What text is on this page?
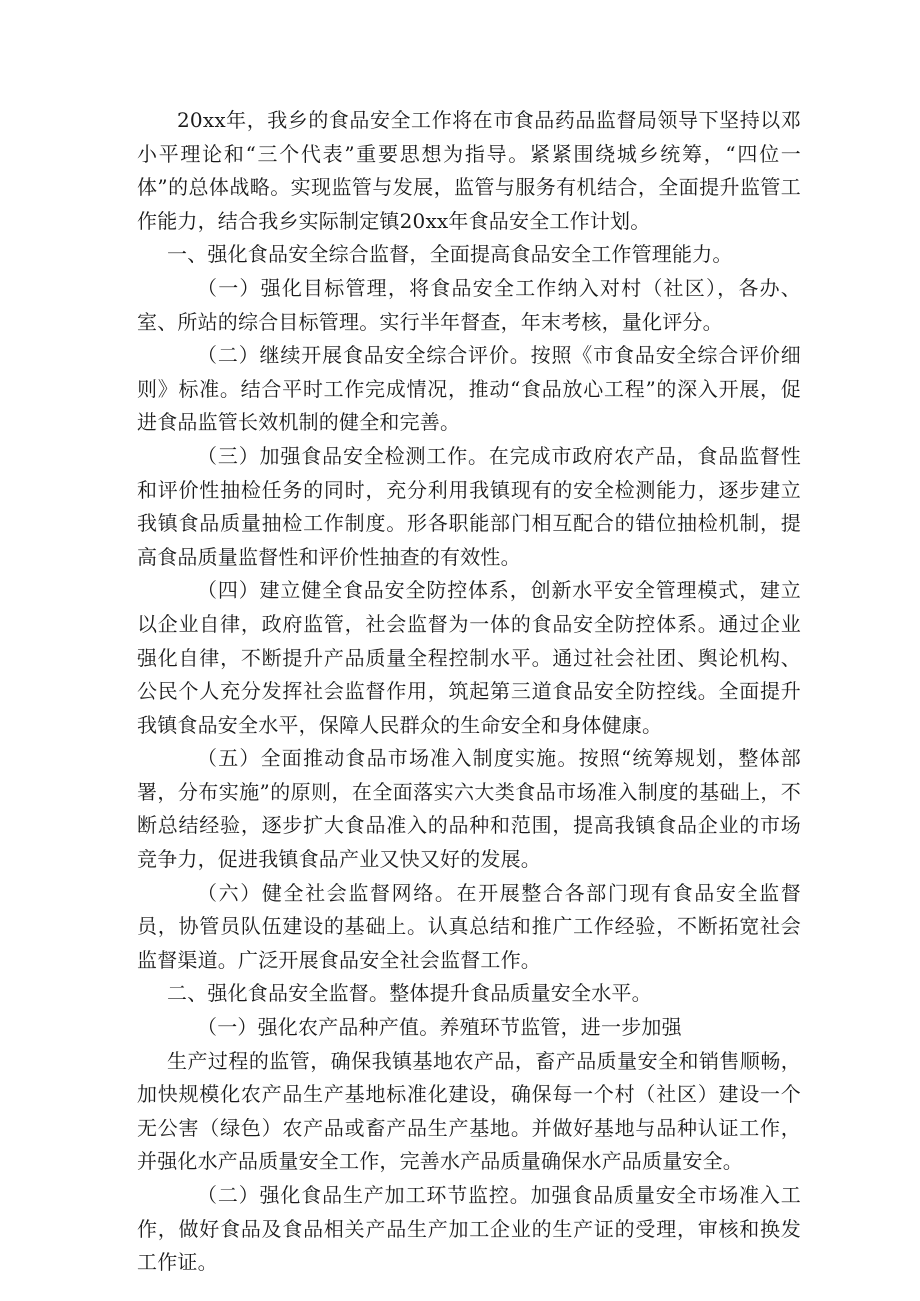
20xx年，我乡的食品安全工作将在市食品药品监督局领导下坚持以邓小平理论和“三个代表”重要思想为指导。紧紧围绕城乡统筹，“四位一体”的总体战略。实现监管与发展，监管与服务有机结合，全面提升监管工作能力，结合我乡实际制定镇20xx年食品安全工作计划。

一、强化食品安全综合监督，全面提高食品安全工作管理能力。

（一）强化目标管理，将食品安全工作纳入对村（社区），各办、室、所站的综合目标管理。实行半年督查，年末考核，量化评分。

（二）继续开展食品安全综合评价。按照《市食品安全综合评价细则》标准。结合平时工作完成情况，推动“食品放心工程”的深入开展，促进食品监管长效机制的健全和完善。

（三）加强食品安全检测工作。在完成市政府农产品，食品监督性和评价性抽检任务的同时，充分利用我镇现有的安全检测能力，逐步建立我镇食品质量抽检工作制度。形各职能部门相互配合的错位抽检机制，提高食品质量监督性和评价性抽查的有效性。

（四）建立健全食品安全防控体系，创新水平安全管理模式，建立以企业自律，政府监管，社会监督为一体的食品安全防控体系。通过企业强化自律，不断提升产品质量全程控制水平。通过社会社团、舆论机构、公民个人充分发挥社会监督作用，筑起第三道食品安全防控线。全面提升我镇食品安全水平，保障人民群众的生命安全和身体健康。

（五）全面推动食品市场准入制度实施。按照“统筹规划，整体部署，分布实施”的原则，在全面落实六大类食品市场准入制度的基础上，不断总结经验，逐步扩大食品准入的品种和范围，提高我镇食品企业的市场竞争力，促进我镇食品产业又快又好的发展。

（六）健全社会监督网络。在开展整合各部门现有食品安全监督员，协管员队伍建设的基础上。认真总结和推广工作经验，不断拓宽社会监督渠道。广泛开展食品安全社会监督工作。

二、强化食品安全监督。整体提升食品质量安全水平。

（一）强化农产品种产值。养殖环节监管，进一步加强

生产过程的监管，确保我镇基地农产品，畜产品质量安全和销售顺畅，加快规模化农产品生产基地标准化建设，确保每一个村（社区）建设一个无公害（绿色）农产品或畜产品生产基地。并做好基地与品种认证工作，并强化水产品质量安全工作，完善水产品质量确保水产品质量安全。

（二）强化食品生产加工环节监控。加强食品质量安全市场准入工作，做好食品及食品相关产品生产加工企业的生产证的受理，审核和换发工作证。
